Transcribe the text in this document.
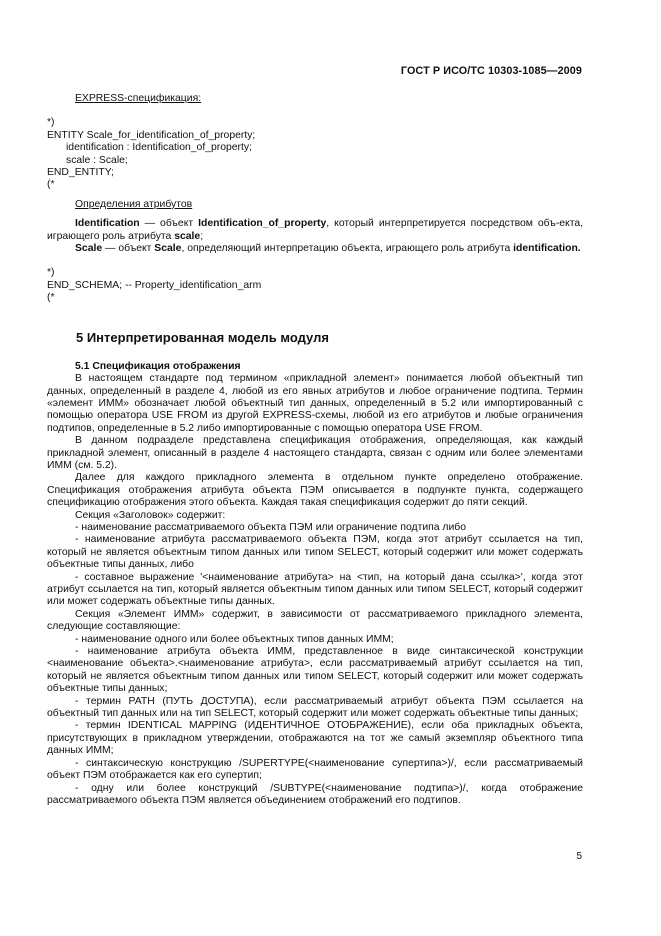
ГОСТ Р ИСО/ТС 10303-1085—2009
EXPRESS-спецификация:
*)
ENTITY Scale_for_identification_of_property;
identification : Identification_of_property;
scale : Scale;
END_ENTITY;
(*
Определения атрибутов
Identification — объект Identification_of_property, который интерпретируется посредством объ-екта, играющего роль атрибута scale;
Scale — объект Scale, определяющий интерпретацию объекта, играющего роль атрибута identification.
*)
END_SCHEMA; -- Property_identification_arm
(*
5 Интерпретированная модель модуля
5.1 Спецификация отображения
В настоящем стандарте под термином «прикладной элемент» понимается любой объектный тип данных, определенный в разделе 4, любой из его явных атрибутов и любое ограничение подтипа. Термин «элемент ИММ» обозначает любой объектный тип данных, определенный в 5.2 или импортированный с помощью оператора USE FROM из другой EXPRESS-схемы, любой из его атрибутов и любые ограничения подтипов, определенные в 5.2 либо импортированные с помощью оператора USE FROM.
В данном подразделе представлена спецификация отображения, определяющая, как каждый прикладной элемент, описанный в разделе 4 настоящего стандарта, связан с одним или более элементами ИММ (см. 5.2).
Далее для каждого прикладного элемента в отдельном пункте определено отображение. Спецификация отображения атрибута объекта ПЭМ описывается в подпункте пункта, содержащего спецификацию отображения этого объекта. Каждая такая спецификация содержит до пяти секций.
Секция «Заголовок» содержит:
- наименование рассматриваемого объекта ПЭМ или ограничение подтипа либо
- наименование атрибута рассматриваемого объекта ПЭМ, когда этот атрибут ссылается на тип, который не является объектным типом данных или типом SELECT, который содержит или может содержать объектные типы данных, либо
- составное выражение '<наименование атрибута> на <тип, на который дана ссылка>', когда этот атрибут ссылается на тип, который является объектным типом данных или типом SELECT, который содержит или может содержать объектные типы данных.
Секция «Элемент ИММ» содержит, в зависимости от рассматриваемого прикладного элемента, следующие составляющие:
- наименование одного или более объектных типов данных ИММ;
- наименование атрибута объекта ИММ, представленное в виде синтаксической конструкции <наименование объекта>.<наименование атрибута>, если рассматриваемый атрибут ссылается на тип, который не является объектным типом данных или типом SELECT, который содержит или может содержать объектные типы данных;
- термин PATH (ПУТЬ ДОСТУПА), если рассматриваемый атрибут объекта ПЭМ ссылается на объектный тип данных или на тип SELECT, который содержит или может содержать объектные типы данных;
- термин IDENTICAL MAPPING (ИДЕНТИЧНОЕ ОТОБРАЖЕНИЕ), если оба прикладных объекта, присутствующих в прикладном утверждении, отображаются на тот же самый экземпляр объектного типа данных ИММ;
- синтаксическую конструкцию /SUPERTYPE(<наименование супертипа>)/, если рассматриваемый объект ПЭМ отображается как его супертип;
- одну или более конструкций /SUBTYPE(<наименование подтипа>)/, когда отображение рассматриваемого объекта ПЭМ является объединением отображений его подтипов.
5
